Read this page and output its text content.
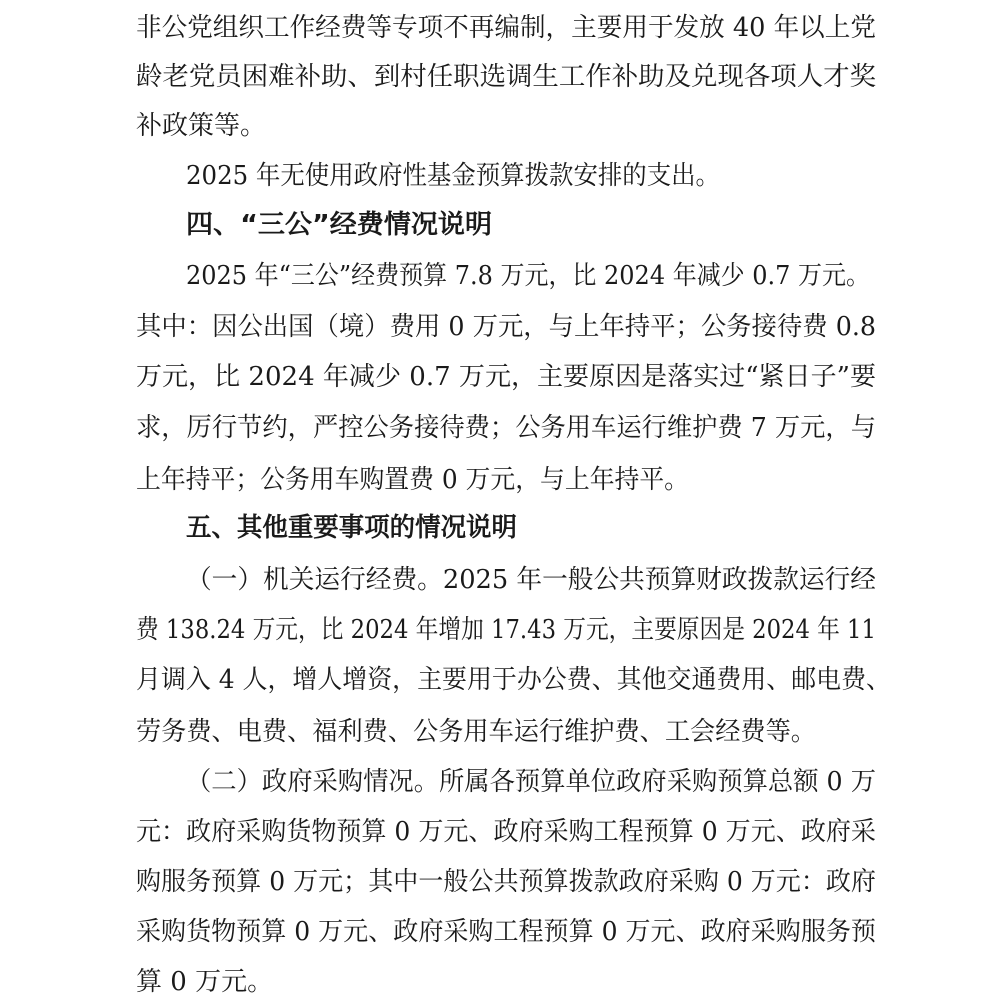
非公党组织工作经费等专项不再编制，主要用于发放 40 年以上党
龄老党员困难补助、到村任职选调生工作补助及兑现各项人才奖
补政策等。
2025 年无使用政府性基金预算拨款安排的支出。
四、“三公”经费情况说明
2025 年“三公”经费预算 7.8 万元，比 2024 年减少 0.7 万元。
其中：因公出国（境）费用 0 万元，与上年持平；公务接待费 0.8
万元，比 2024 年减少 0.7 万元，主要原因是落实过“紧日子”要
求，厉行节约，严控公务接待费；公务用车运行维护费 7 万元，与
上年持平；公务用车购置费 0 万元，与上年持平。
五、其他重要事项的情况说明
（一）机关运行经费。2025 年一般公共预算财政拨款运行经
费 138.24 万元，比 2024 年增加 17.43 万元，主要原因是 2024 年 11
月调入 4 人，增人增资，主要用于办公费、其他交通费用、邮电费、
劳务费、电费、福利费、公务用车运行维护费、工会经费等。
（二）政府采购情况。所属各预算单位政府采购预算总额 0 万
元：政府采购货物预算 0 万元、政府采购工程预算 0 万元、政府采
购服务预算 0 万元；其中一般公共预算拨款政府采购 0 万元：政府
采购货物预算 0 万元、政府采购工程预算 0 万元、政府采购服务预
算 0 万元。
